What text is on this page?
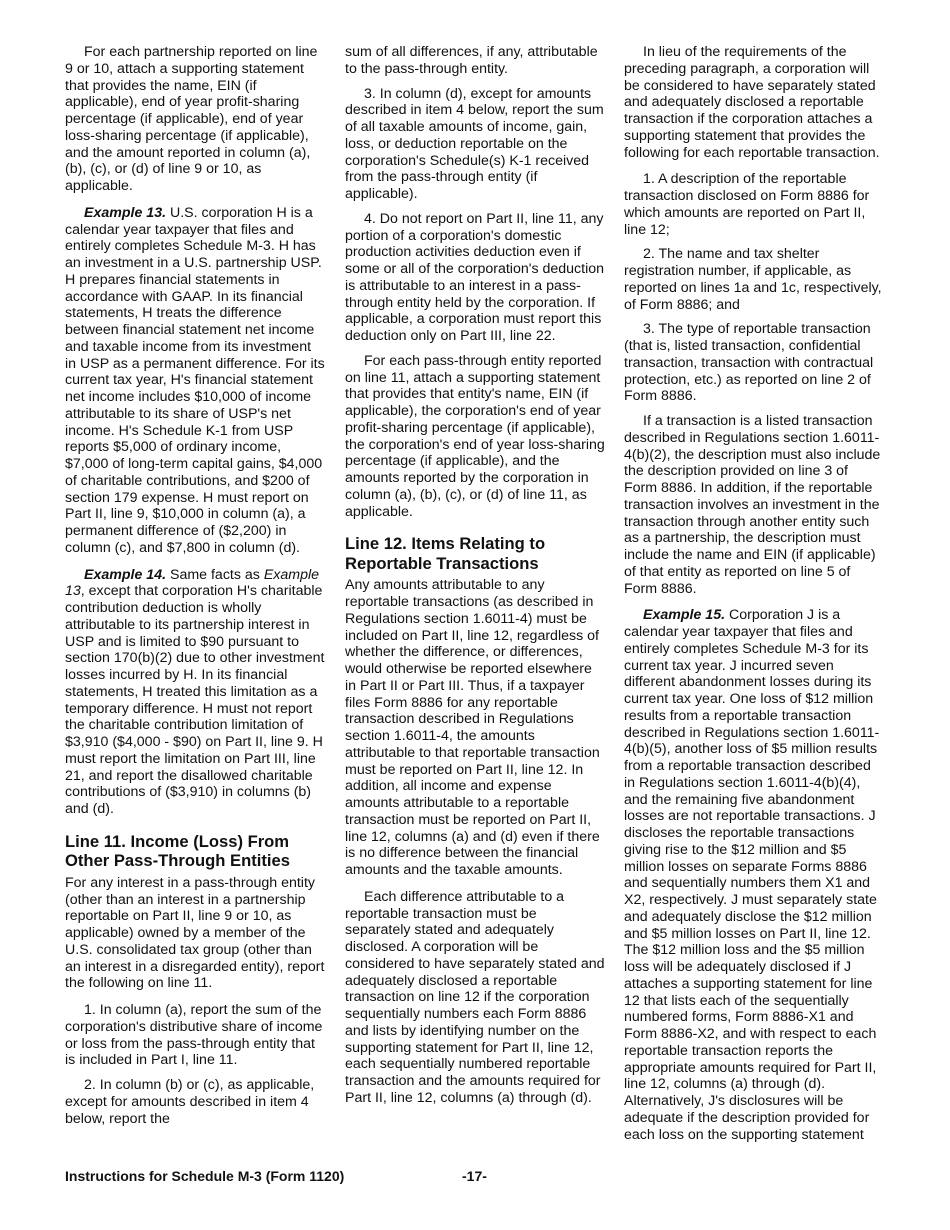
For each partnership reported on line 9 or 10, attach a supporting statement that provides the name, EIN (if applicable), end of year profit-sharing percentage (if applicable), end of year loss-sharing percentage (if applicable), and the amount reported in column (a), (b), (c), or (d) of line 9 or 10, as applicable.

Example 13. U.S. corporation H is a calendar year taxpayer that files and entirely completes Schedule M-3. H has an investment in a U.S. partnership USP. H prepares financial statements in accordance with GAAP. In its financial statements, H treats the difference between financial statement net income and taxable income from its investment in USP as a permanent difference. For its current tax year, H's financial statement net income includes $10,000 of income attributable to its share of USP's net income. H's Schedule K-1 from USP reports $5,000 of ordinary income, $7,000 of long-term capital gains, $4,000 of charitable contributions, and $200 of section 179 expense. H must report on Part II, line 9, $10,000 in column (a), a permanent difference of ($2,200) in column (c), and $7,800 in column (d).

Example 14. Same facts as Example 13, except that corporation H's charitable contribution deduction is wholly attributable to its partnership interest in USP and is limited to $90 pursuant to section 170(b)(2) due to other investment losses incurred by H. In its financial statements, H treated this limitation as a temporary difference. H must not report the charitable contribution limitation of $3,910 ($4,000 - $90) on Part II, line 9. H must report the limitation on Part III, line 21, and report the disallowed charitable contributions of ($3,910) in columns (b) and (d).

Line 11. Income (Loss) From Other Pass-Through Entities

For any interest in a pass-through entity (other than an interest in a partnership reportable on Part II, line 9 or 10, as applicable) owned by a member of the U.S. consolidated tax group (other than an interest in a disregarded entity), report the following on line 11.

1. In column (a), report the sum of the corporation's distributive share of income or loss from the pass-through entity that is included in Part I, line 11.

2. In column (b) or (c), as applicable, except for amounts described in item 4 below, report the

sum of all differences, if any, attributable to the pass-through entity.

3. In column (d), except for amounts described in item 4 below, report the sum of all taxable amounts of income, gain, loss, or deduction reportable on the corporation's Schedule(s) K-1 received from the pass-through entity (if applicable).

4. Do not report on Part II, line 11, any portion of a corporation's domestic production activities deduction even if some or all of the corporation's deduction is attributable to an interest in a pass-through entity held by the corporation. If applicable, a corporation must report this deduction only on Part III, line 22.

For each pass-through entity reported on line 11, attach a supporting statement that provides that entity's name, EIN (if applicable), the corporation's end of year profit-sharing percentage (if applicable), the corporation's end of year loss-sharing percentage (if applicable), and the amounts reported by the corporation in column (a), (b), (c), or (d) of line 11, as applicable.

Line 12. Items Relating to Reportable Transactions

Any amounts attributable to any reportable transactions (as described in Regulations section 1.6011-4) must be included on Part II, line 12, regardless of whether the difference, or differences, would otherwise be reported elsewhere in Part II or Part III. Thus, if a taxpayer files Form 8886 for any reportable transaction described in Regulations section 1.6011-4, the amounts attributable to that reportable transaction must be reported on Part II, line 12. In addition, all income and expense amounts attributable to a reportable transaction must be reported on Part II, line 12, columns (a) and (d) even if there is no difference between the financial amounts and the taxable amounts.

Each difference attributable to a reportable transaction must be separately stated and adequately disclosed. A corporation will be considered to have separately stated and adequately disclosed a reportable transaction on line 12 if the corporation sequentially numbers each Form 8886 and lists by identifying number on the supporting statement for Part II, line 12, each sequentially numbered reportable transaction and the amounts required for Part II, line 12, columns (a) through (d).

In lieu of the requirements of the preceding paragraph, a corporation will be considered to have separately stated and adequately disclosed a reportable transaction if the corporation attaches a supporting statement that provides the following for each reportable transaction.

1. A description of the reportable transaction disclosed on Form 8886 for which amounts are reported on Part II, line 12;

2. The name and tax shelter registration number, if applicable, as reported on lines 1a and 1c, respectively, of Form 8886; and

3. The type of reportable transaction (that is, listed transaction, confidential transaction, transaction with contractual protection, etc.) as reported on line 2 of Form 8886.

If a transaction is a listed transaction described in Regulations section 1.6011-4(b)(2), the description must also include the description provided on line 3 of Form 8886. In addition, if the reportable transaction involves an investment in the transaction through another entity such as a partnership, the description must include the name and EIN (if applicable) of that entity as reported on line 5 of Form 8886.

Example 15. Corporation J is a calendar year taxpayer that files and entirely completes Schedule M-3 for its current tax year. J incurred seven different abandonment losses during its current tax year. One loss of $12 million results from a reportable transaction described in Regulations section 1.6011-4(b)(5), another loss of $5 million results from a reportable transaction described in Regulations section 1.6011-4(b)(4), and the remaining five abandonment losses are not reportable transactions. J discloses the reportable transactions giving rise to the $12 million and $5 million losses on separate Forms 8886 and sequentially numbers them X1 and X2, respectively. J must separately state and adequately disclose the $12 million and $5 million losses on Part II, line 12. The $12 million loss and the $5 million loss will be adequately disclosed if J attaches a supporting statement for line 12 that lists each of the sequentially numbered forms, Form 8886-X1 and Form 8886-X2, and with respect to each reportable transaction reports the appropriate amounts required for Part II, line 12, columns (a) through (d). Alternatively, J's disclosures will be adequate if the description provided for each loss on the supporting statement

Instructions for Schedule M-3 (Form 1120)	-17-
